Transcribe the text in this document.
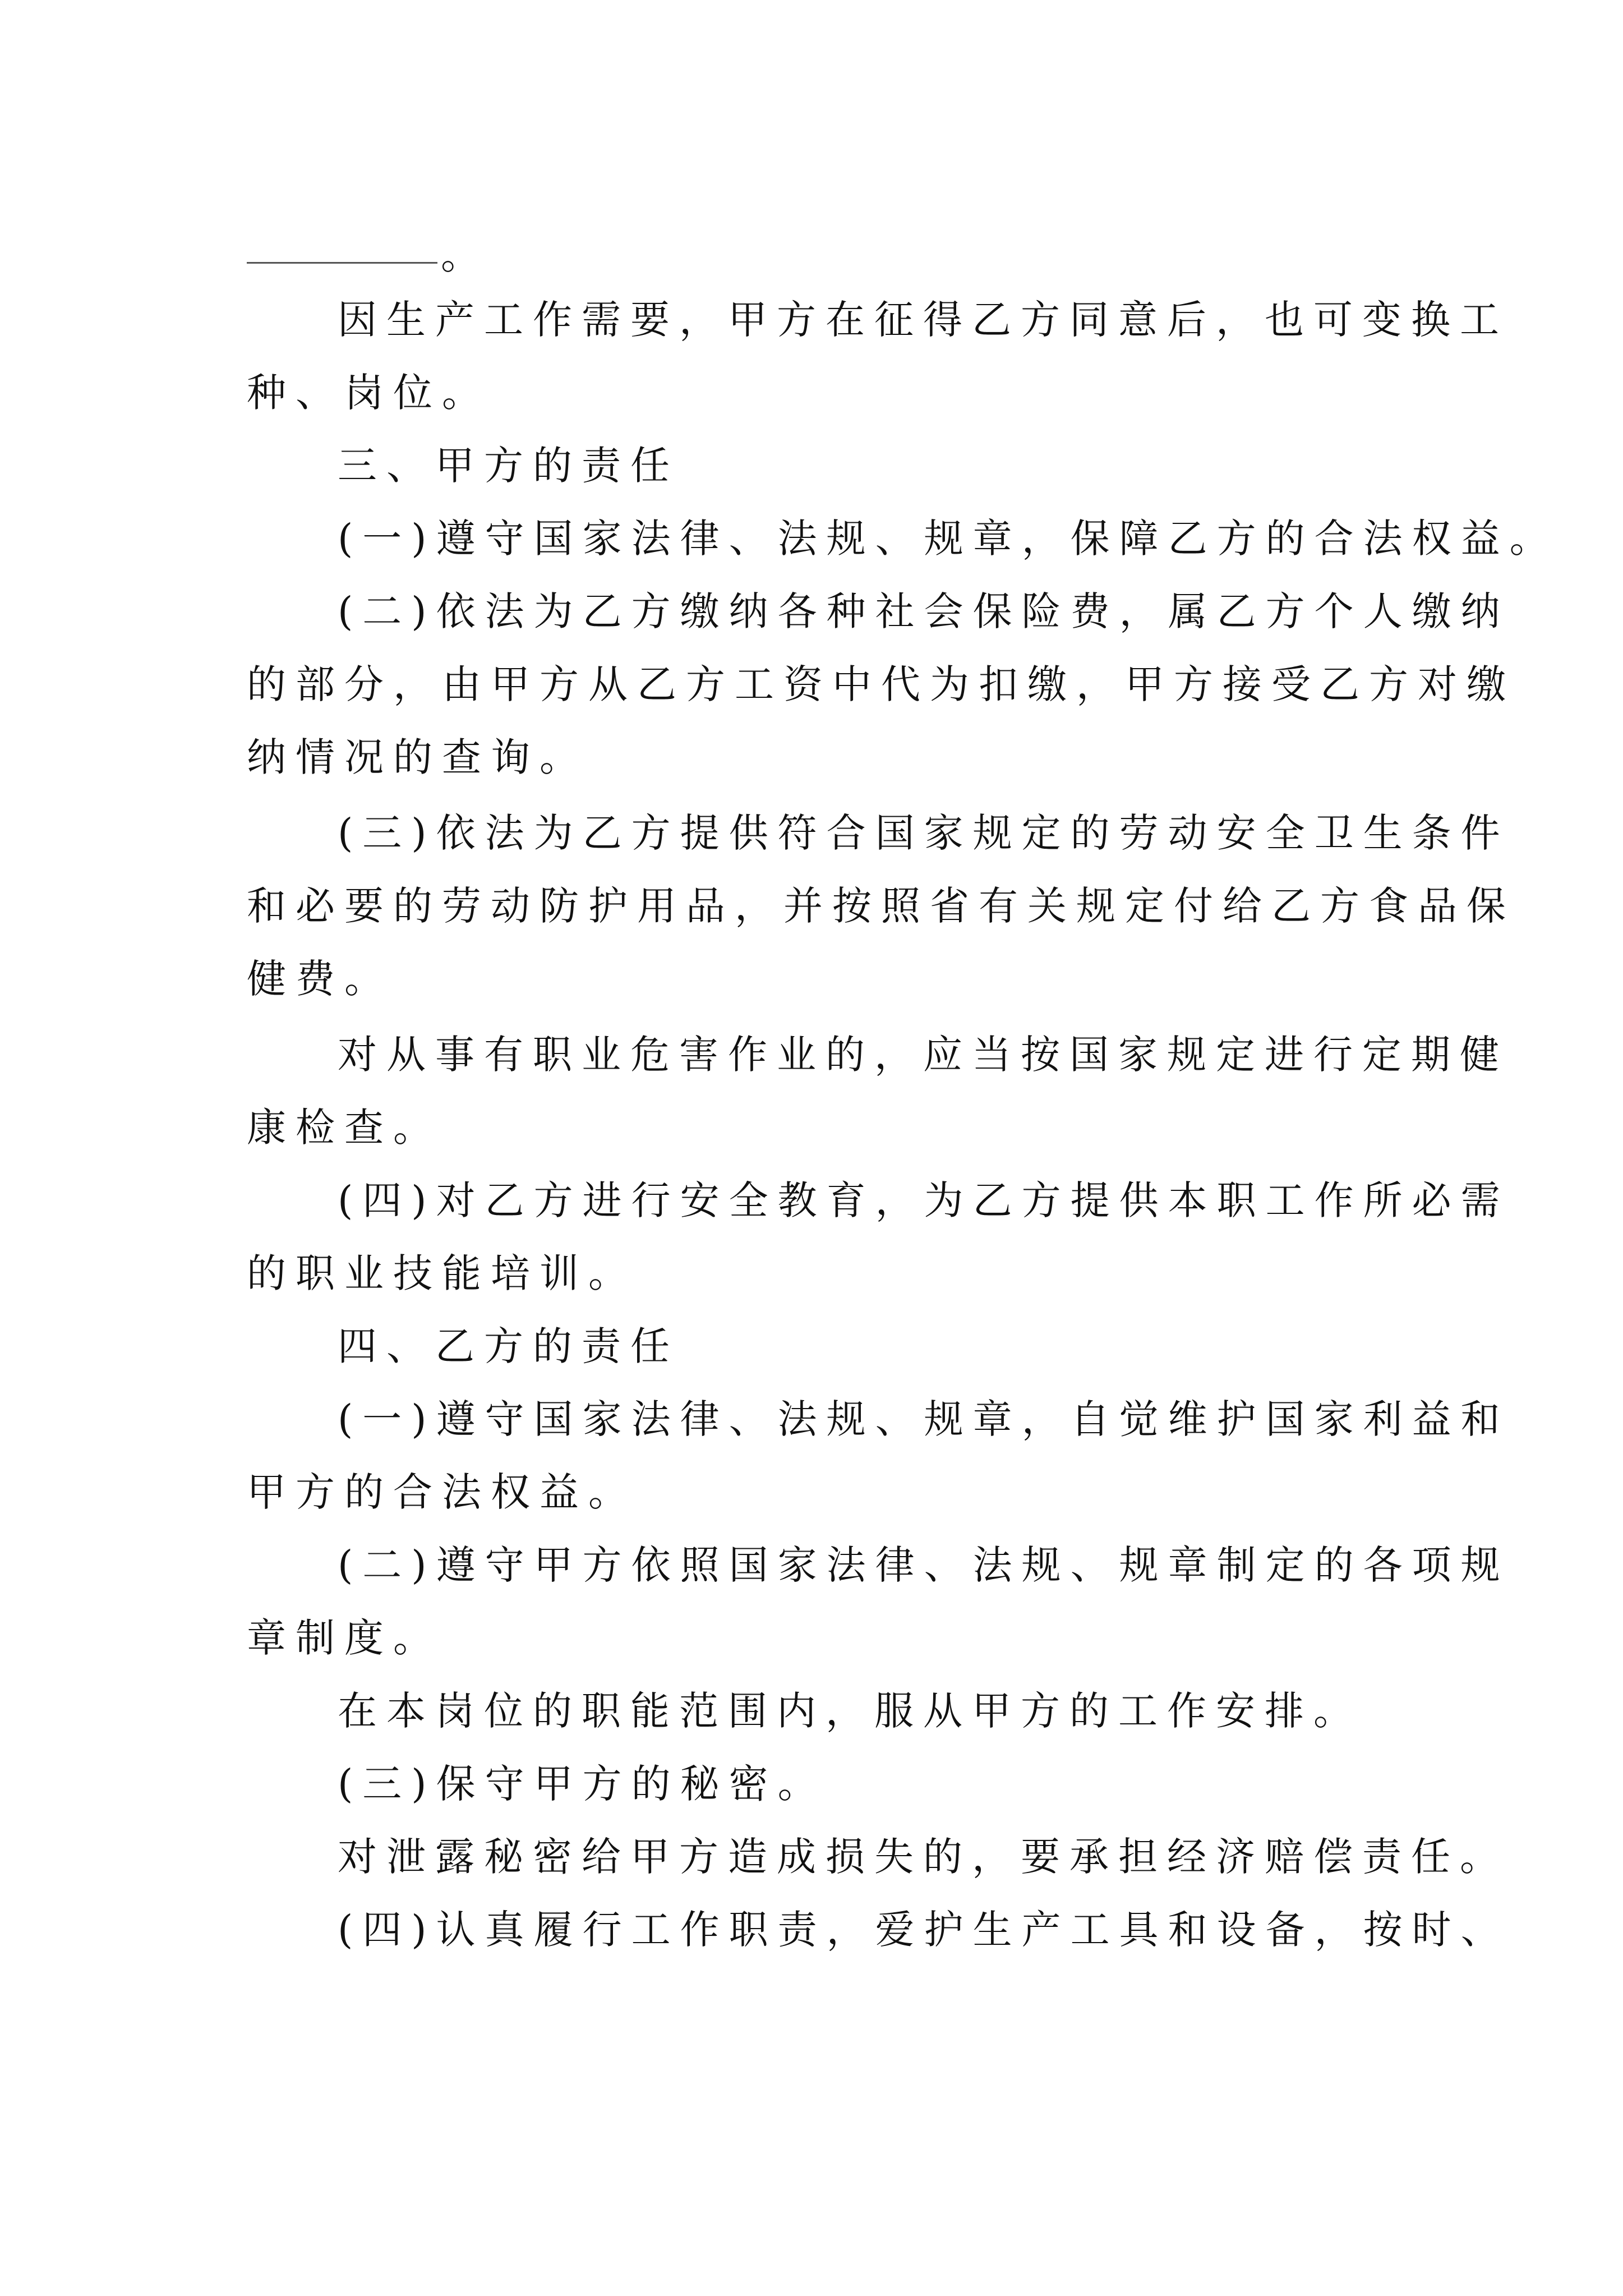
。
因生产工作需要，甲方在征得乙方同意后，也可变换工
种、岗位。
三、甲方的责任
(一)遵守国家法律、法规、规章，保障乙方的合法权益。
(二)依法为乙方缴纳各种社会保险费，属乙方个人缴纳
的部分，由甲方从乙方工资中代为扣缴，甲方接受乙方对缴
纳情况的查询。
(三)依法为乙方提供符合国家规定的劳动安全卫生条件
和必要的劳动防护用品，并按照省有关规定付给乙方食品保
健费。
对从事有职业危害作业的，应当按国家规定进行定期健
康检查。
(四)对乙方进行安全教育，为乙方提供本职工作所必需
的职业技能培训。
四、乙方的责任
(一)遵守国家法律、法规、规章，自觉维护国家利益和
甲方的合法权益。
(二)遵守甲方依照国家法律、法规、规章制定的各项规
章制度。
在本岗位的职能范围内，服从甲方的工作安排。
(三)保守甲方的秘密。
对泄露秘密给甲方造成损失的，要承担经济赔偿责任。
(四)认真履行工作职责，爱护生产工具和设备，按时、
